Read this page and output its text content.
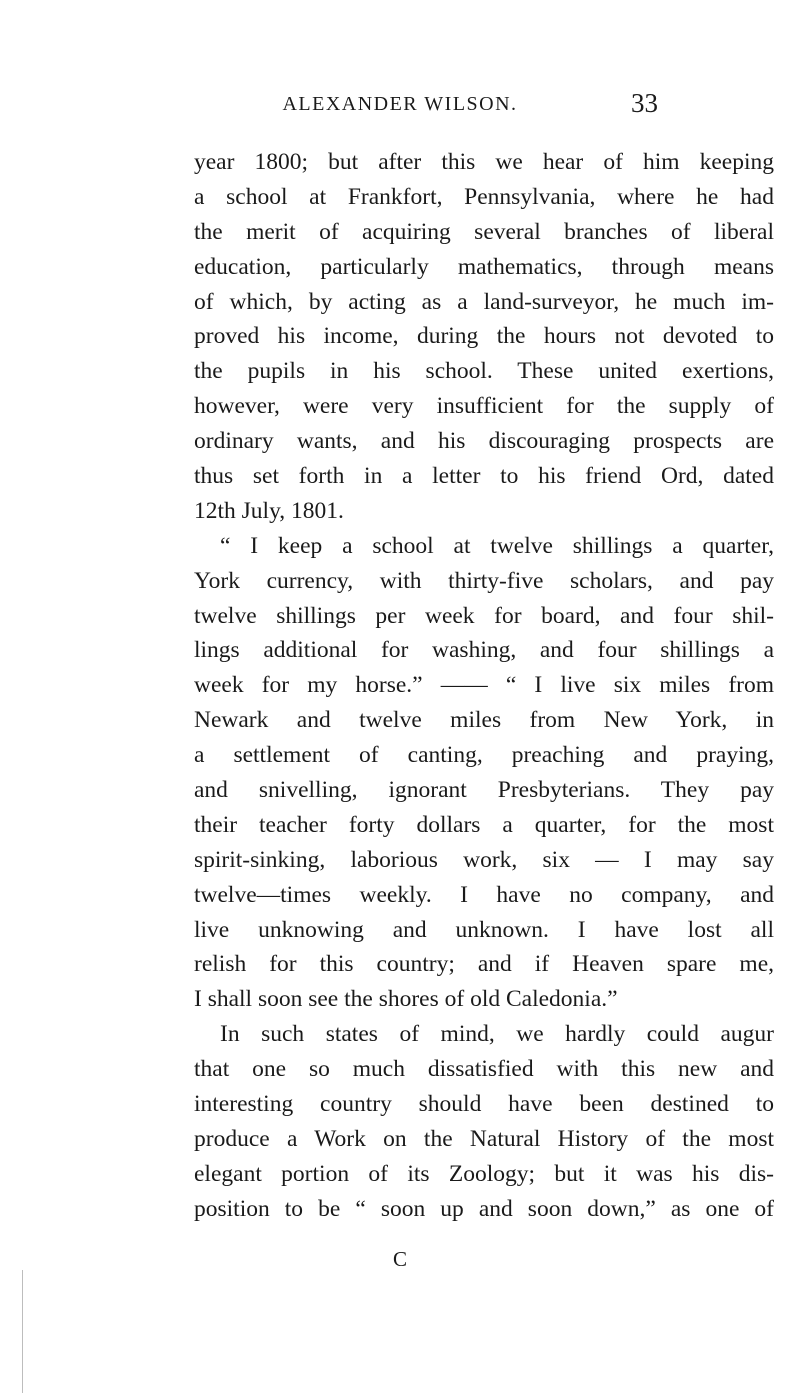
ALEXANDER WILSON.	33
year 1800; but after this we hear of him keeping
a school at Frankfort, Pennsylvania, where he had
the merit of acquiring several branches of liberal
education, particularly mathematics, through means
of which, by acting as a land-surveyor, he much im-
proved his income, during the hours not devoted to
the pupils in his school. These united exertions,
however, were very insufficient for the supply of
ordinary wants, and his discouraging prospects are
thus set forth in a letter to his friend Ord, dated
12th July, 1801.
“ I keep a school at twelve shillings a quarter,
York currency, with thirty-five scholars, and pay
twelve shillings per week for board, and four shil-
lings additional for washing, and four shillings a
week for my horse.” —— “ I live six miles from
Newark and twelve miles from New York, in
a settlement of canting, preaching and praying,
and snivelling, ignorant Presbyterians. They pay
their teacher forty dollars a quarter, for the most
spirit-sinking, laborious work, six — I may say
twelve—times weekly. I have no company, and
live unknowing and unknown. I have lost all
relish for this country; and if Heaven spare me,
I shall soon see the shores of old Caledonia.”
In such states of mind, we hardly could augur
that one so much dissatisfied with this new and
interesting country should have been destined to
produce a Work on the Natural History of the most
elegant portion of its Zoology; but it was his dis-
position to be “ soon up and soon down,” as one of
C
